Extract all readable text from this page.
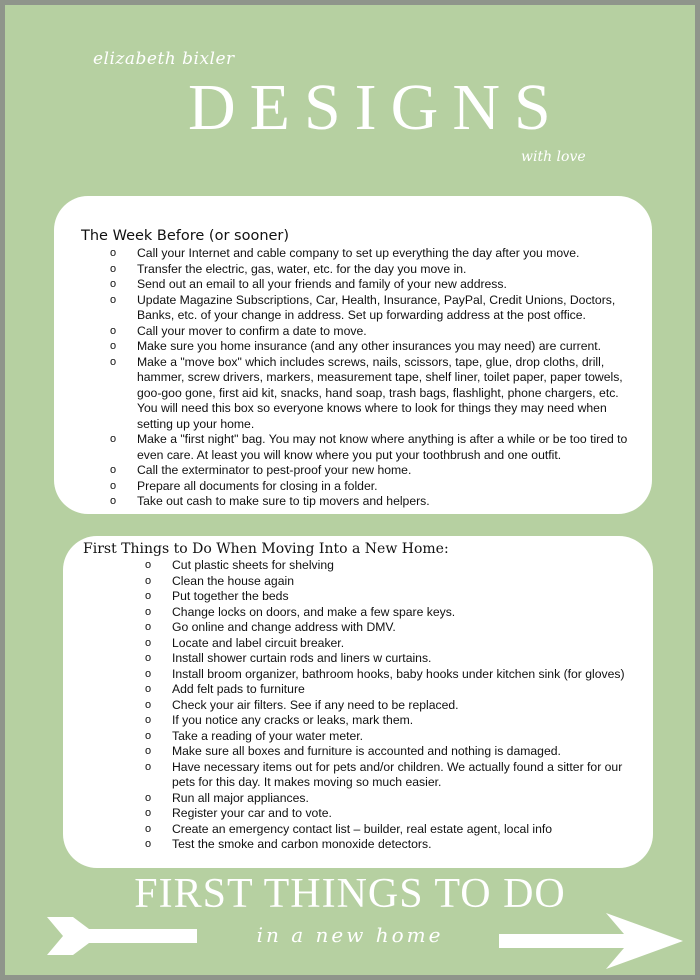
elizabeth bixler
DESIGNS
with love
The Week Before (or sooner)
o Call your Internet and cable company to set up everything the day after you move.
o Transfer the electric, gas, water, etc. for the day you move in.
o Send out an email to all your friends and family of your new address.
o Update Magazine Subscriptions, Car, Health, Insurance, PayPal, Credit Unions, Doctors, Banks, etc. of your change in address. Set up forwarding address at the post office.
o Call your mover to confirm a date to move.
o Make sure you home insurance (and any other insurances you may need) are current.
o Make a "move box" which includes screws, nails, scissors, tape, glue, drop cloths, drill, hammer, screw drivers, markers, measurement tape, shelf liner, toilet paper, paper towels, goo-goo gone, first aid kit, snacks, hand soap, trash bags, flashlight, phone chargers, etc. You will need this box so everyone knows where to look for things they may need when setting up your home.
o Make a "first night" bag. You may not know where anything is after a while or be too tired to even care. At least you will know where you put your toothbrush and one outfit.
o Call the exterminator to pest-proof your new home.
o Prepare all documents for closing in a folder.
o Take out cash to make sure to tip movers and helpers.
First Things to Do When Moving Into a New Home:
o Cut plastic sheets for shelving
o Clean the house again
o Put together the beds
o Change locks on doors, and make a few spare keys.
o Go online and change address with DMV.
o Locate and label circuit breaker.
o Install shower curtain rods and liners w curtains.
o Install broom organizer, bathroom hooks, baby hooks under kitchen sink (for gloves)
o Add felt pads to furniture
o Check your air filters. See if any need to be replaced.
o If you notice any cracks or leaks, mark them.
o Take a reading of your water meter.
o Make sure all boxes and furniture is accounted and nothing is damaged.
o Have necessary items out for pets and/or children. We actually found a sitter for our pets for this day. It makes moving so much easier.
o Run all major appliances.
o Register your car and to vote.
o Create an emergency contact list – builder, real estate agent, local info
o Test the smoke and carbon monoxide detectors.
FIRST THINGS TO DO
in a new home
